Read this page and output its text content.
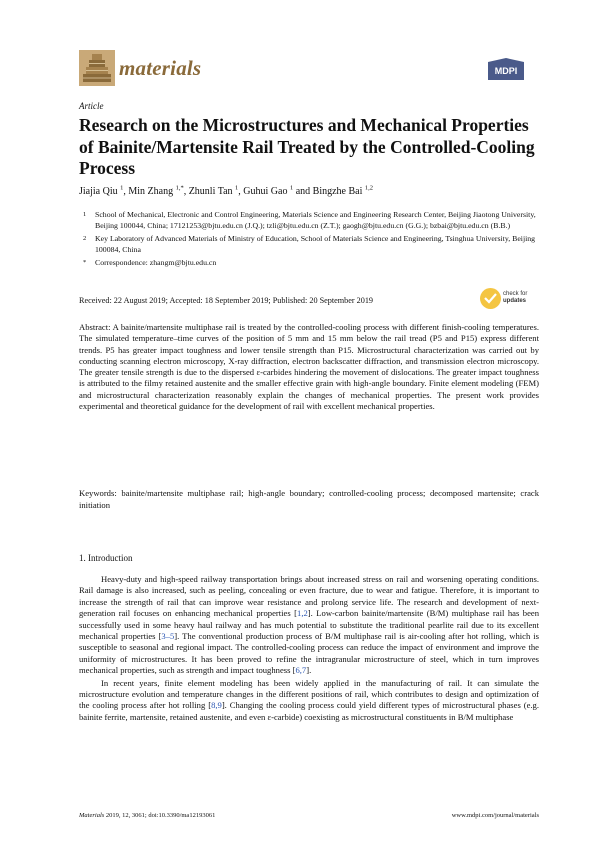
materials	MDPI
Article
Research on the Microstructures and Mechanical Properties of Bainite/Martensite Rail Treated by the Controlled-Cooling Process
Jiajia Qiu $^1$, Min Zhang $^{1,*}$, Zhunli Tan $^1$, Guhui Gao $^1$ and Bingzhe Bai $^{1,2}$
1 School of Mechanical, Electronic and Control Engineering, Materials Science and Engineering Research Center, Beijing Jiaotong University, Beijing 100044, China; 17121253@bjtu.edu.cn (J.Q.); tzli@bjtu.edu.cn (Z.T.); gaogh@bjtu.edu.cn (G.G.); bzbai@bjtu.edu.cn (B.B.)
2 Key Laboratory of Advanced Materials of Ministry of Education, School of Materials Science and Engineering, Tsinghua University, Beijing 100084, China
* Correspondence: zhangm@bjtu.edu.cn
Received: 22 August 2019; Accepted: 18 September 2019; Published: 20 September 2019
check for
updates
Abstract: A bainite/martensite multiphase rail is treated by the controlled-cooling process with different finish-cooling temperatures. The simulated temperature–time curves of the position of 5 mm and 15 mm below the rail tread (P5 and P15) express different trends. P5 has greater impact toughness and lower tensile strength than P15. Microstructural characterization was carried out by conducting scanning electron microscopy, X-ray diffraction, electron backscatter diffraction, and transmission electron microscopy. The greater tensile strength is due to the dispersed ε-carbides hindering the movement of dislocations. The greater impact toughness is attributed to the filmy retained austenite and the smaller effective grain with high-angle boundary. Finite element modeling (FEM) and microstructural characterization reasonably explain the changes of mechanical properties. The present work provides experimental and theoretical guidance for the development of rail with excellent mechanical properties.
Keywords: bainite/martensite multiphase rail; high-angle boundary; controlled-cooling process; decomposed martensite; crack initiation
1. Introduction

Heavy-duty and high-speed railway transportation brings about increased stress on rail and worsening operating conditions. Rail damage is also increased, such as peeling, concealing or even fracture, due to wear and fatigue. Therefore, it is important to increase the strength of rail that can improve wear resistance and prolong service life. The research and development of next-generation rail focuses on enhancing mechanical properties [1,2]. Low-carbon bainite/martensite (B/M) multiphase rail has been successfully used in some heavy haul railway and has much potential to substitute the traditional pearlite rail due to its excellent mechanical properties [3–5]. The conventional production process of B/M multiphase rail is air-cooling after hot rolling, which is susceptible to seasonal and regional impact. The controlled-cooling process can reduce the impact of environment and improve the uniformity of microstructures. It has been proved to refine the intragranular microstructure of steel, which in turn improves mechanical properties, such as strength and impact toughness [6,7].

In recent years, finite element modeling has been widely applied in the manufacturing of rail. It can simulate the microstructure evolution and temperature changes in the different positions of rail, which contributes to design and optimization of the cooling process after hot rolling [8,9]. Changing the cooling process could yield different types of microstructural phases (e.g. bainite ferrite, martensite, retained austenite, and even ε-carbide) coexisting as microstructural constituents in B/M multiphase

Materials 2019, 12, 3061; doi:10.3390/ma12193061	www.mdpi.com/journal/materials
